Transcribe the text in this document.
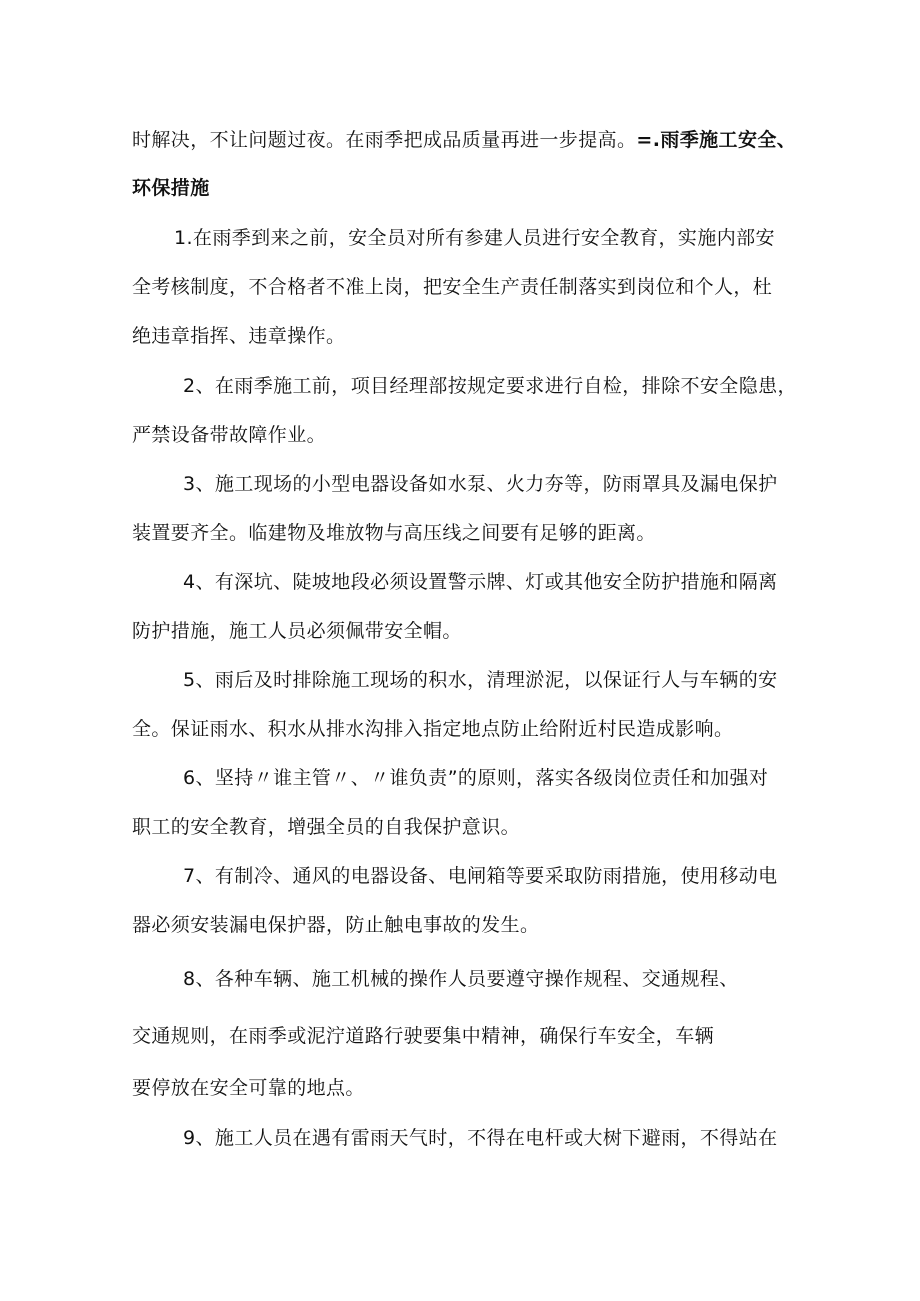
时解决，不让问题过夜。在雨季把成品质量再进一步提高。=.雨季施工安全、
环保措施
1.在雨季到来之前，安全员对所有参建人员进行安全教育，实施内部安
全考核制度，不合格者不准上岗，把安全生产责任制落实到岗位和个人，杜
绝违章指挥、违章操作。
2、在雨季施工前，项目经理部按规定要求进行自检，排除不安全隐患，
严禁设备带故障作业。
3、施工现场的小型电器设备如水泵、火力夯等，防雨罩具及漏电保护
装置要齐全。临建物及堆放物与高压线之间要有足够的距离。
4、有深坑、陡坡地段必须设置警示牌、灯或其他安全防护措施和隔离
防护措施，施工人员必须佩带安全帽。
5、雨后及时排除施工现场的积水，清理淤泥，以保证行人与车辆的安
全。保证雨水、积水从排水沟排入指定地点防止给附近村民造成影响。
6、坚持〃谁主管〃、〃谁负责”的原则，落实各级岗位责任和加强对
职工的安全教育，增强全员的自我保护意识。
7、有制冷、通风的电器设备、电闸箱等要采取防雨措施，使用移动电
器必须安装漏电保护器，防止触电事故的发生。
8、各种车辆、施工机械的操作人员要遵守操作规程、交通规程、
交通规则，在雨季或泥泞道路行驶要集中精神，确保行车安全，车辆
要停放在安全可靠的地点。
9、施工人员在遇有雷雨天气时，不得在电杆或大树下避雨，不得站在
